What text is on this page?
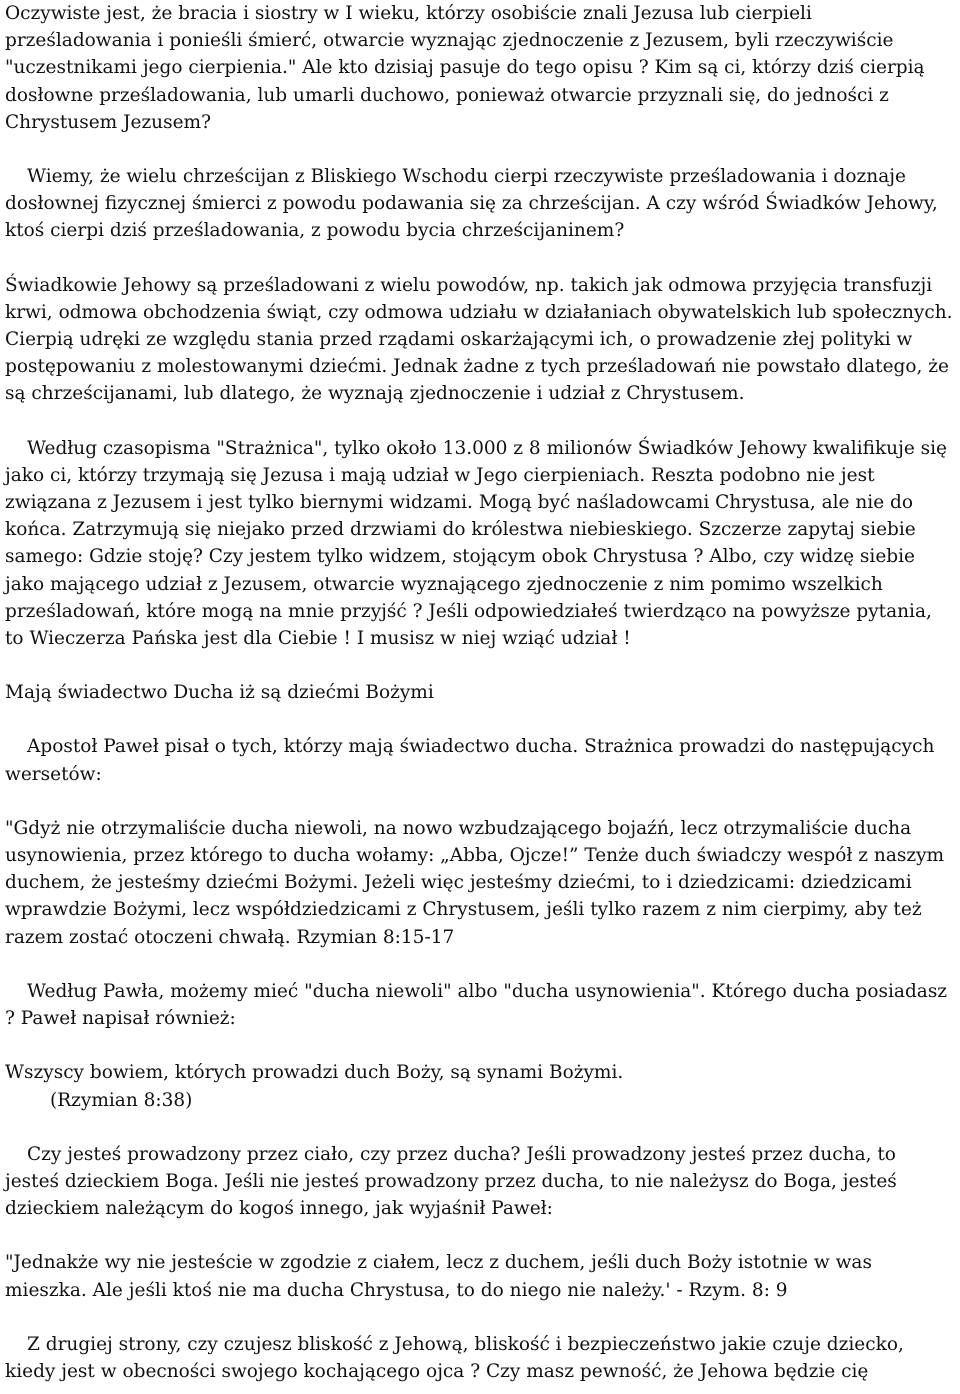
Oczywiste jest, że bracia i siostry w I wieku, którzy osobiście znali Jezusa lub cierpieli prześladowania i ponieśli śmierć, otwarcie wyznając zjednoczenie z Jezusem, byli rzeczywiście "uczestnikami jego cierpienia." Ale kto dzisiaj pasuje do tego opisu ? Kim są ci, którzy dziś cierpią dosłowne prześladowania, lub umarli duchowo, ponieważ otwarcie przyznali się, do jedności z Chrystusem Jezusem?

Wiemy, że wielu chrześcijan z Bliskiego Wschodu cierpi rzeczywiste prześladowania i doznaje dosłownej fizycznej śmierci z powodu podawania się za chrześcijan. A czy wśród Świadków Jehowy, ktoś cierpi dziś prześladowania, z powodu bycia chrześcijaninem?

Świadkowie Jehowy są prześladowani z wielu powodów, np. takich jak odmowa przyjęcia transfuzji krwi, odmowa obchodzenia świąt, czy odmowa udziału w działaniach obywatelskich lub społecznych. Cierpią udręki ze względu stania przed rządami oskarżającymi ich, o prowadzenie złej polityki w postępowaniu z molestowanymi dziećmi. Jednak żadne z tych prześladowań nie powstało dlatego, że są chrześcijanami, lub dlatego, że wyznają zjednoczenie i udział z Chrystusem.

Według czasopisma "Strażnica", tylko około 13.000 z 8 milionów Świadków Jehowy kwalifikuje się jako ci, którzy trzymają się Jezusa i mają udział w Jego cierpieniach. Reszta podobno nie jest związana z Jezusem i jest tylko biernymi widzami. Mogą być naśladowcami Chrystusa, ale nie do końca. Zatrzymują się niejako przed drzwiami do królestwa niebieskiego. Szczerze zapytaj siebie samego: Gdzie stoję? Czy jestem tylko widzem, stojącym obok Chrystusa ? Albo, czy widzę siebie jako mającego udział z Jezusem, otwarcie wyznającego zjednoczenie z nim pomimo wszelkich prześladowań, które mogą na mnie przyjść ? Jeśli odpowiedziałeś twierdząco na powyższe pytania, to Wieczerza Pańska jest dla Ciebie ! I musisz w niej wziąć udział !

Mają świadectwo Ducha iż są dziećmi Bożymi

Apostoł Paweł pisał o tych, którzy mają świadectwo ducha. Strażnica prowadzi do następujących wersetów:

"Gdyż nie otrzymaliście ducha niewoli, na nowo wzbudzającego bojaźń, lecz otrzymaliście ducha usynowienia, przez którego to ducha wołamy: „Abba, Ojcze!” Tenże duch świadczy wespół z naszym duchem, że jesteśmy dziećmi Bożymi. Jeżeli więc jesteśmy dziećmi, to i dziedzicami: dziedzicami wprawdzie Bożymi, lecz współdziedzicami z Chrystusem, jeśli tylko razem z nim cierpimy, aby też razem zostać otoczeni chwałą. Rzymian 8:15-17

Według Pawła, możemy mieć "ducha niewoli" albo "ducha usynowienia". Którego ducha posiadasz ? Paweł napisał również:

Wszyscy bowiem, których prowadzi duch Boży, są synami Bożymi.
(Rzymian 8:38)

Czy jesteś prowadzony przez ciało, czy przez ducha? Jeśli prowadzony jesteś przez ducha, to jesteś dzieckiem Boga. Jeśli nie jesteś prowadzony przez ducha, to nie należysz do Boga, jesteś dzieckiem należącym do kogoś innego, jak wyjaśnił Paweł:

"Jednakże wy nie jesteście w zgodzie z ciałem, lecz z duchem, jeśli duch Boży istotnie w was mieszka. Ale jeśli ktoś nie ma ducha Chrystusa, to do niego nie należy.' - Rzym. 8: 9

Z drugiej strony, czy czujesz bliskość z Jehową, bliskość i bezpieczeństwo jakie czuje dziecko, kiedy jest w obecności swojego kochającego ojca ? Czy masz pewność, że Jehowa będzie cię
